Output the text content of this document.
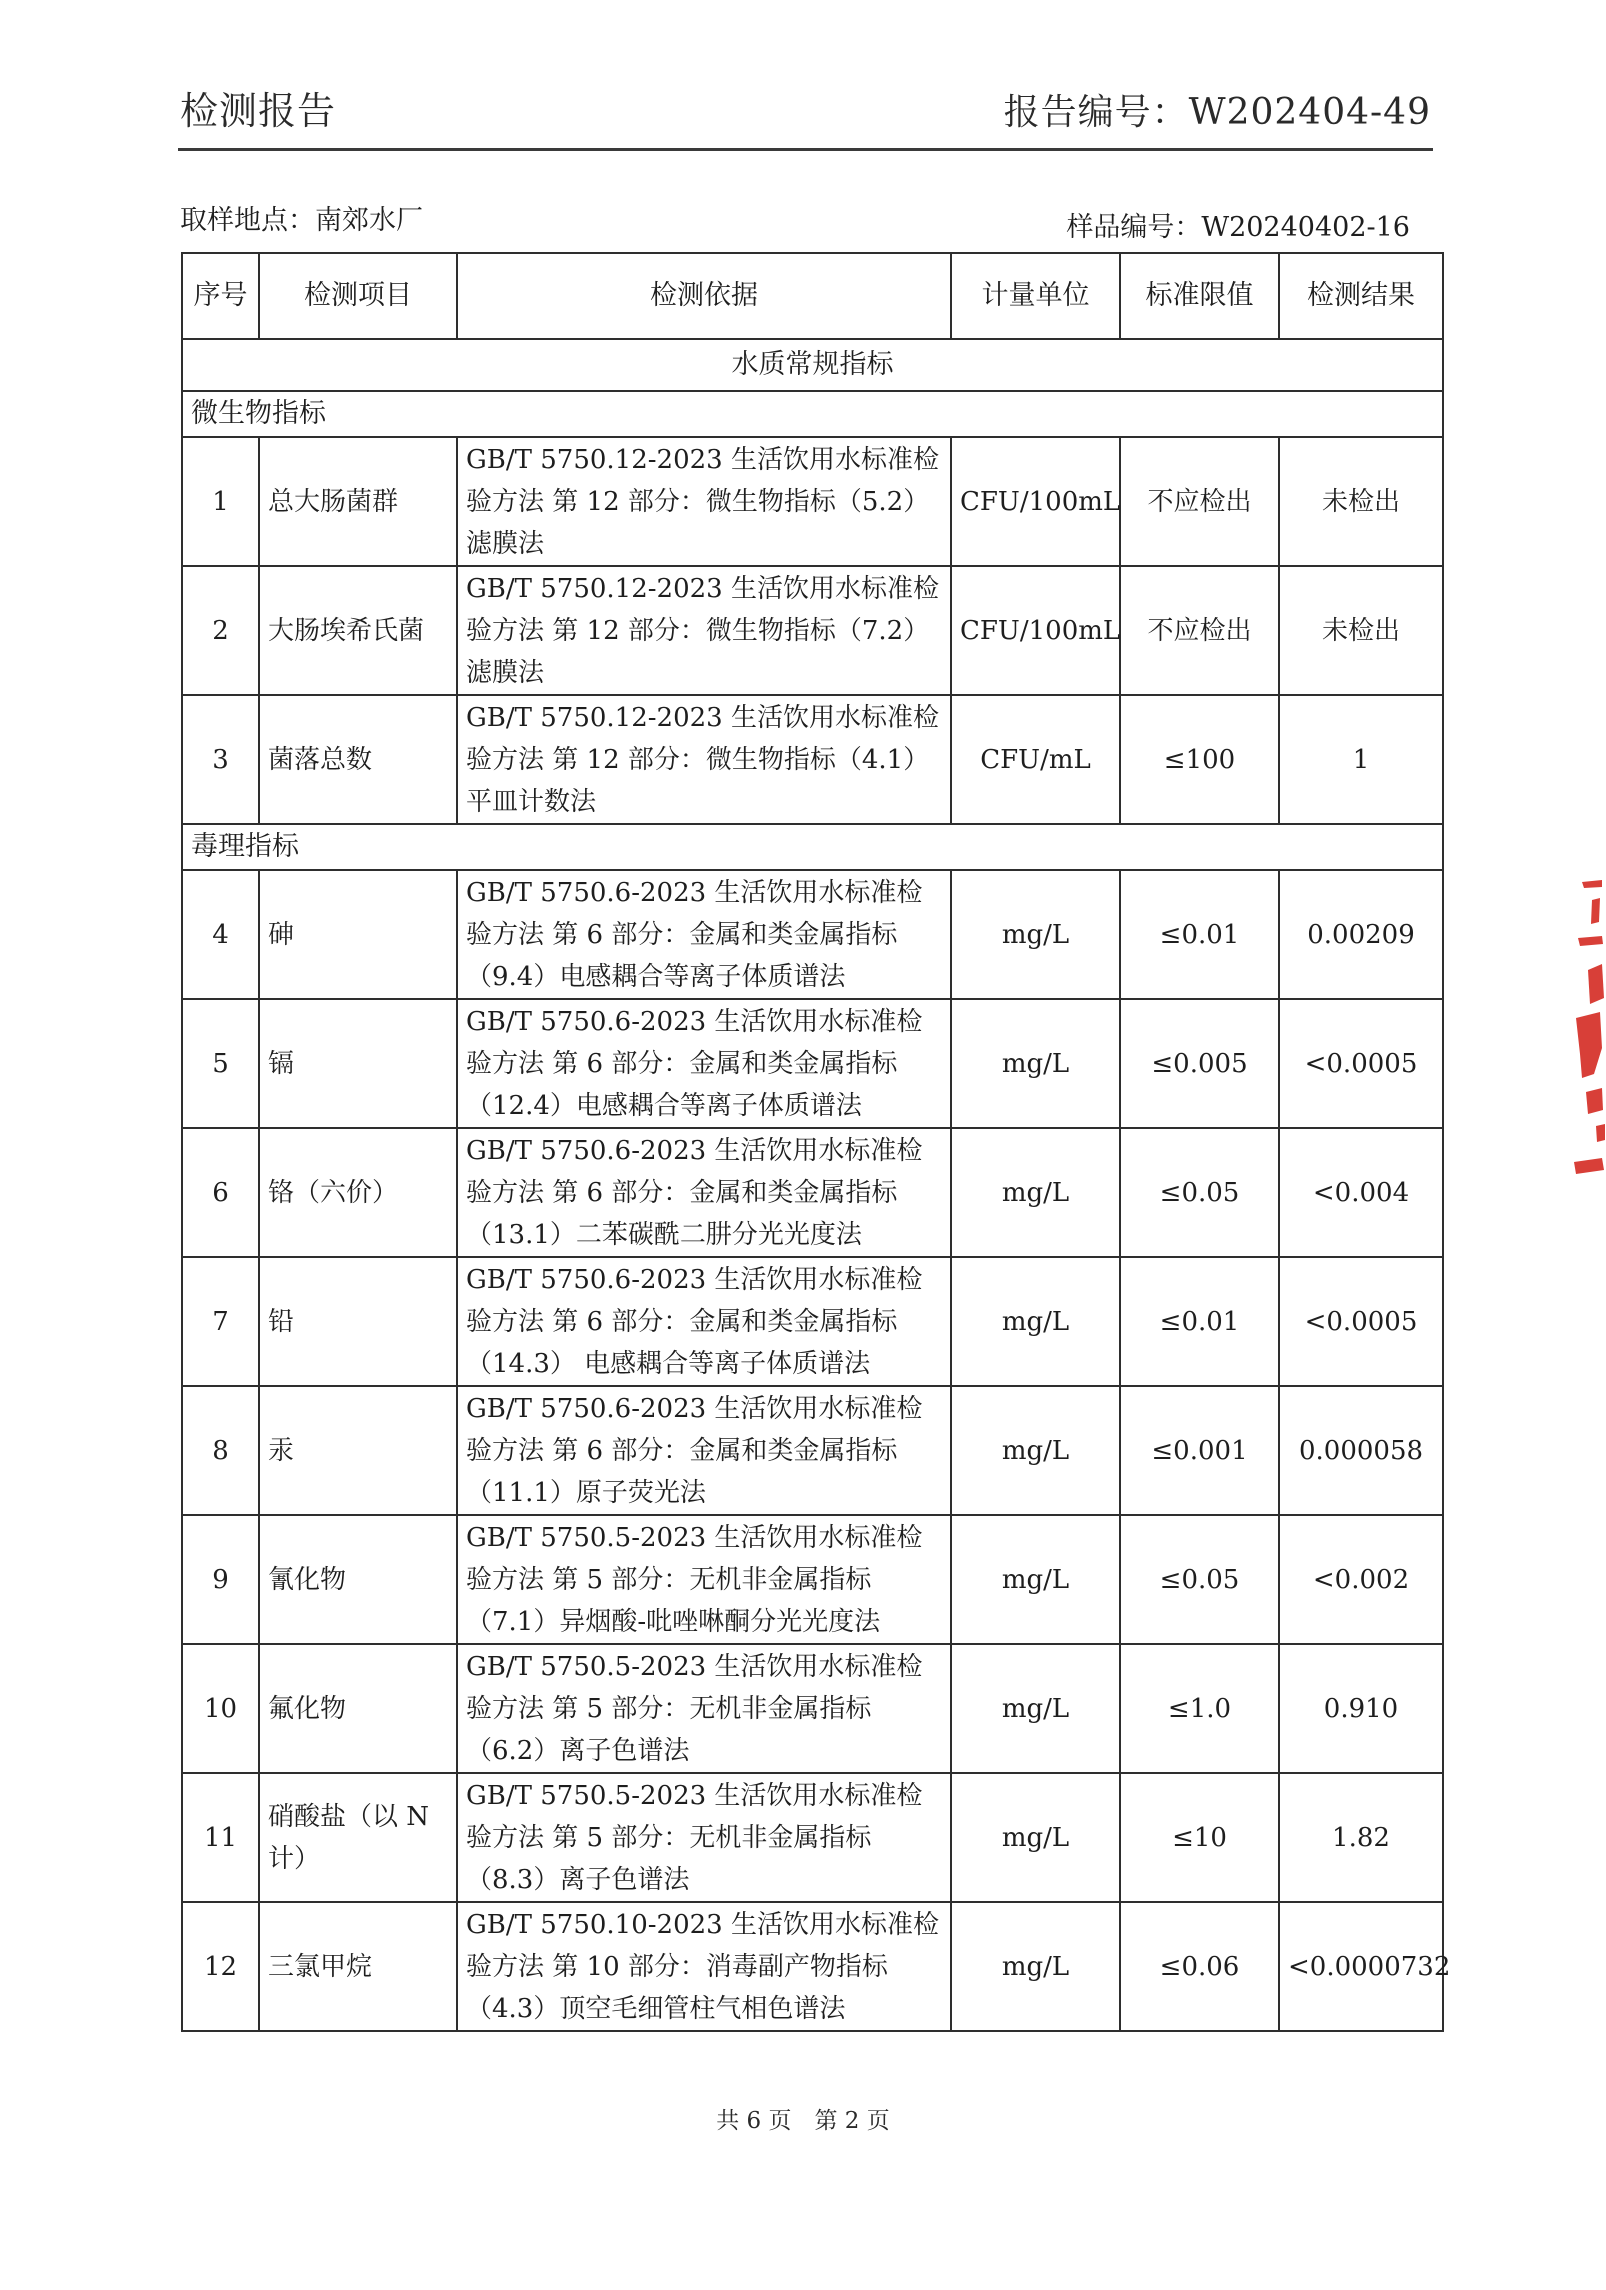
检测报告	报告编号：W202404-49
取样地点：南郊水厂	样品编号：W20240402-16
序号	检测项目	检测依据	计量单位	标准限值	检测结果
水质常规指标					
微生物指标					
1	总大肠菌群	GB/T 5750.12-2023 生活饮用水标准检验方法 第 12 部分：微生物指标（5.2）滤膜法	CFU/100mL	不应检出	未检出
2	大肠埃希氏菌	GB/T 5750.12-2023 生活饮用水标准检验方法 第 12 部分：微生物指标（7.2）滤膜法	CFU/100mL	不应检出	未检出
3	菌落总数	GB/T 5750.12-2023 生活饮用水标准检验方法 第 12 部分：微生物指标（4.1）平皿计数法	CFU/mL	≤100	1
毒理指标					
4	砷	GB/T 5750.6-2023 生活饮用水标准检验方法 第 6 部分：金属和类金属指标（9.4）电感耦合等离子体质谱法	mg/L	≤0.01	0.00209
5	镉	GB/T 5750.6-2023 生活饮用水标准检验方法 第 6 部分：金属和类金属指标（12.4）电感耦合等离子体质谱法	mg/L	≤0.005	<0.0005
6	铬（六价）	GB/T 5750.6-2023 生活饮用水标准检验方法 第 6 部分：金属和类金属指标（13.1）二苯碳酰二肼分光光度法	mg/L	≤0.05	<0.004
7	铅	GB/T 5750.6-2023 生活饮用水标准检验方法 第 6 部分：金属和类金属指标（14.3） 电感耦合等离子体质谱法	mg/L	≤0.01	<0.0005
8	汞	GB/T 5750.6-2023 生活饮用水标准检验方法 第 6 部分：金属和类金属指标（11.1）原子荧光法	mg/L	≤0.001	0.000058
9	氰化物	GB/T 5750.5-2023 生活饮用水标准检验方法 第 5 部分：无机非金属指标（7.1）异烟酸-吡唑啉酮分光光度法	mg/L	≤0.05	<0.002
10	氟化物	GB/T 5750.5-2023 生活饮用水标准检验方法 第 5 部分：无机非金属指标（6.2）离子色谱法	mg/L	≤1.0	0.910
11	硝酸盐（以 N 计）	GB/T 5750.5-2023 生活饮用水标准检验方法 第 5 部分：无机非金属指标（8.3）离子色谱法	mg/L	≤10	1.82
12	三氯甲烷	GB/T 5750.10-2023 生活饮用水标准检验方法 第 10 部分：消毒副产物指标（4.3）顶空毛细管柱气相色谱法	mg/L	≤0.06	<0.0000732
共 6 页　第 2 页
